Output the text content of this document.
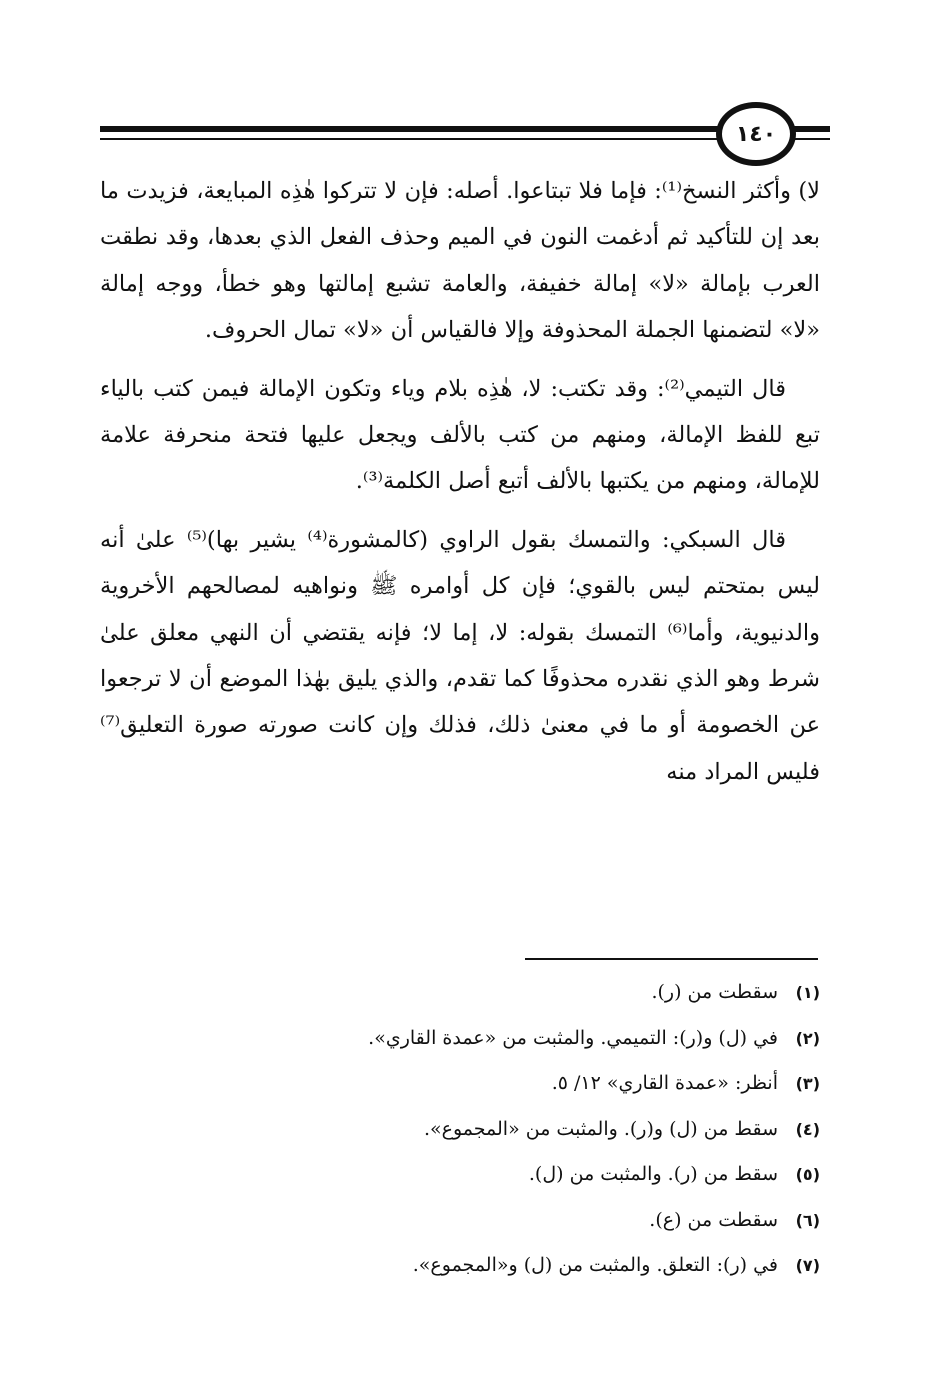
١٤٠

لا) وأكثر النسخ⁽¹⁾: فإما فلا تبتاعوا. أصله: فإن لا تتركوا هٰذِه المبايعة، فزيدت ما بعد إن للتأكيد ثم أدغمت النون في الميم وحذف الفعل الذي بعدها، وقد نطقت العرب بإمالة «لا» إمالة خفيفة، والعامة تشبع إمالتها وهو خطأ، ووجه إمالة «لا» لتضمنها الجملة المحذوفة وإلا فالقياس أن «لا» تمال الحروف.

قال التيمي⁽²⁾: وقد تكتب: لا، هٰذِه بلام وياء وتكون الإمالة فيمن كتب بالياء تبع للفظ الإمالة، ومنهم من كتب بالألف ويجعل عليها فتحة منحرفة علامة للإمالة، ومنهم من يكتبها بالألف أتبع أصل الكلمة⁽³⁾.

قال السبكي: والتمسك بقول الراوي (كالمشورة⁽⁴⁾ يشير بها)⁽⁵⁾ علىٰ أنه ليس بمتحتم ليس بالقوي؛ فإن كل أوامره ﷺ ونواهيه لمصالحهم الأخروية والدنيوية، وأما⁽⁶⁾ التمسك بقوله: لا، إما لا؛ فإنه يقتضي أن النهي معلق علىٰ شرط وهو الذي نقدره محذوفًا كما تقدم، والذي يليق بهٰذا الموضع أن لا ترجعوا عن الخصومة أو ما في معنىٰ ذلك، فذلك وإن كانت صورته صورة التعليق⁽⁷⁾ فليس المراد منه

(١)
سقطت من (ر).
(٢)
في (ل) و(ر): التميمي. والمثبت من «عمدة القاري».
(٣)
أنظر: «عمدة القاري» ١٢/ ٥.
(٤)
سقط من (ل) و(ر). والمثبت من «المجموع».
(٥)
سقط من (ر). والمثبت من (ل).
(٦)
سقطت من (ع).
(٧)
في (ر): التعلق. والمثبت من (ل) و«المجموع».
